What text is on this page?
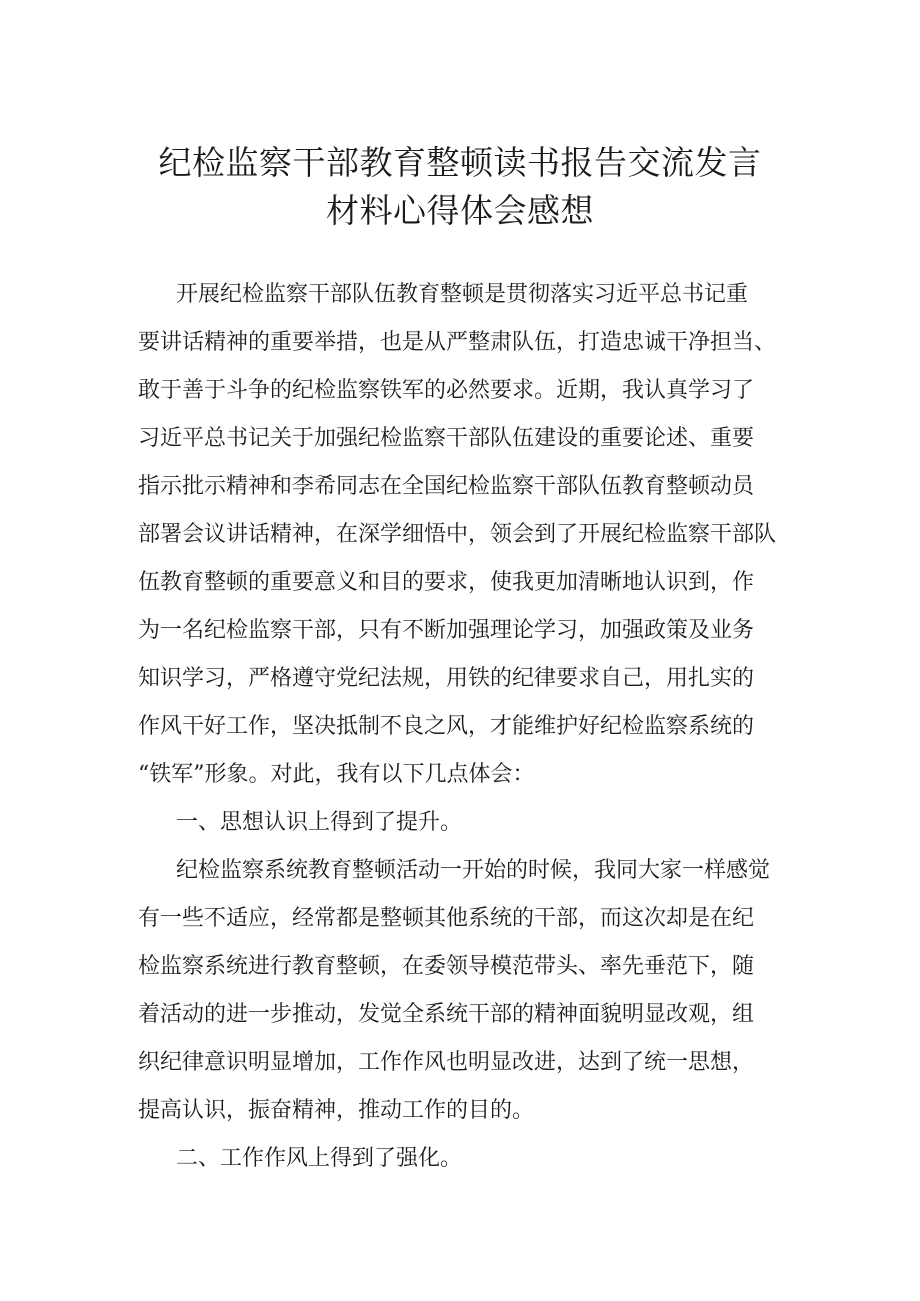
纪检监察干部教育整顿读书报告交流发言
材料心得体会感想
开展纪检监察干部队伍教育整顿是贯彻落实习近平总书记重
要讲话精神的重要举措，也是从严整肃队伍，打造忠诚干净担当、
敢于善于斗争的纪检监察铁军的必然要求。近期，我认真学习了
习近平总书记关于加强纪检监察干部队伍建设的重要论述、重要
指示批示精神和李希同志在全国纪检监察干部队伍教育整顿动员
部署会议讲话精神，在深学细悟中，领会到了开展纪检监察干部队
伍教育整顿的重要意义和目的要求，使我更加清晰地认识到，作
为一名纪检监察干部，只有不断加强理论学习，加强政策及业务
知识学习，严格遵守党纪法规，用铁的纪律要求自己，用扎实的
作风干好工作，坚决抵制不良之风，才能维护好纪检监察系统的
“铁军”形象。对此，我有以下几点体会：
一、思想认识上得到了提升。
纪检监察系统教育整顿活动一开始的时候，我同大家一样感觉
有一些不适应，经常都是整顿其他系统的干部，而这次却是在纪
检监察系统进行教育整顿，在委领导模范带头、率先垂范下，随
着活动的进一步推动，发觉全系统干部的精神面貌明显改观，组
织纪律意识明显增加，工作作风也明显改进，达到了统一思想，
提高认识，振奋精神，推动工作的目的。
二、工作作风上得到了强化。
